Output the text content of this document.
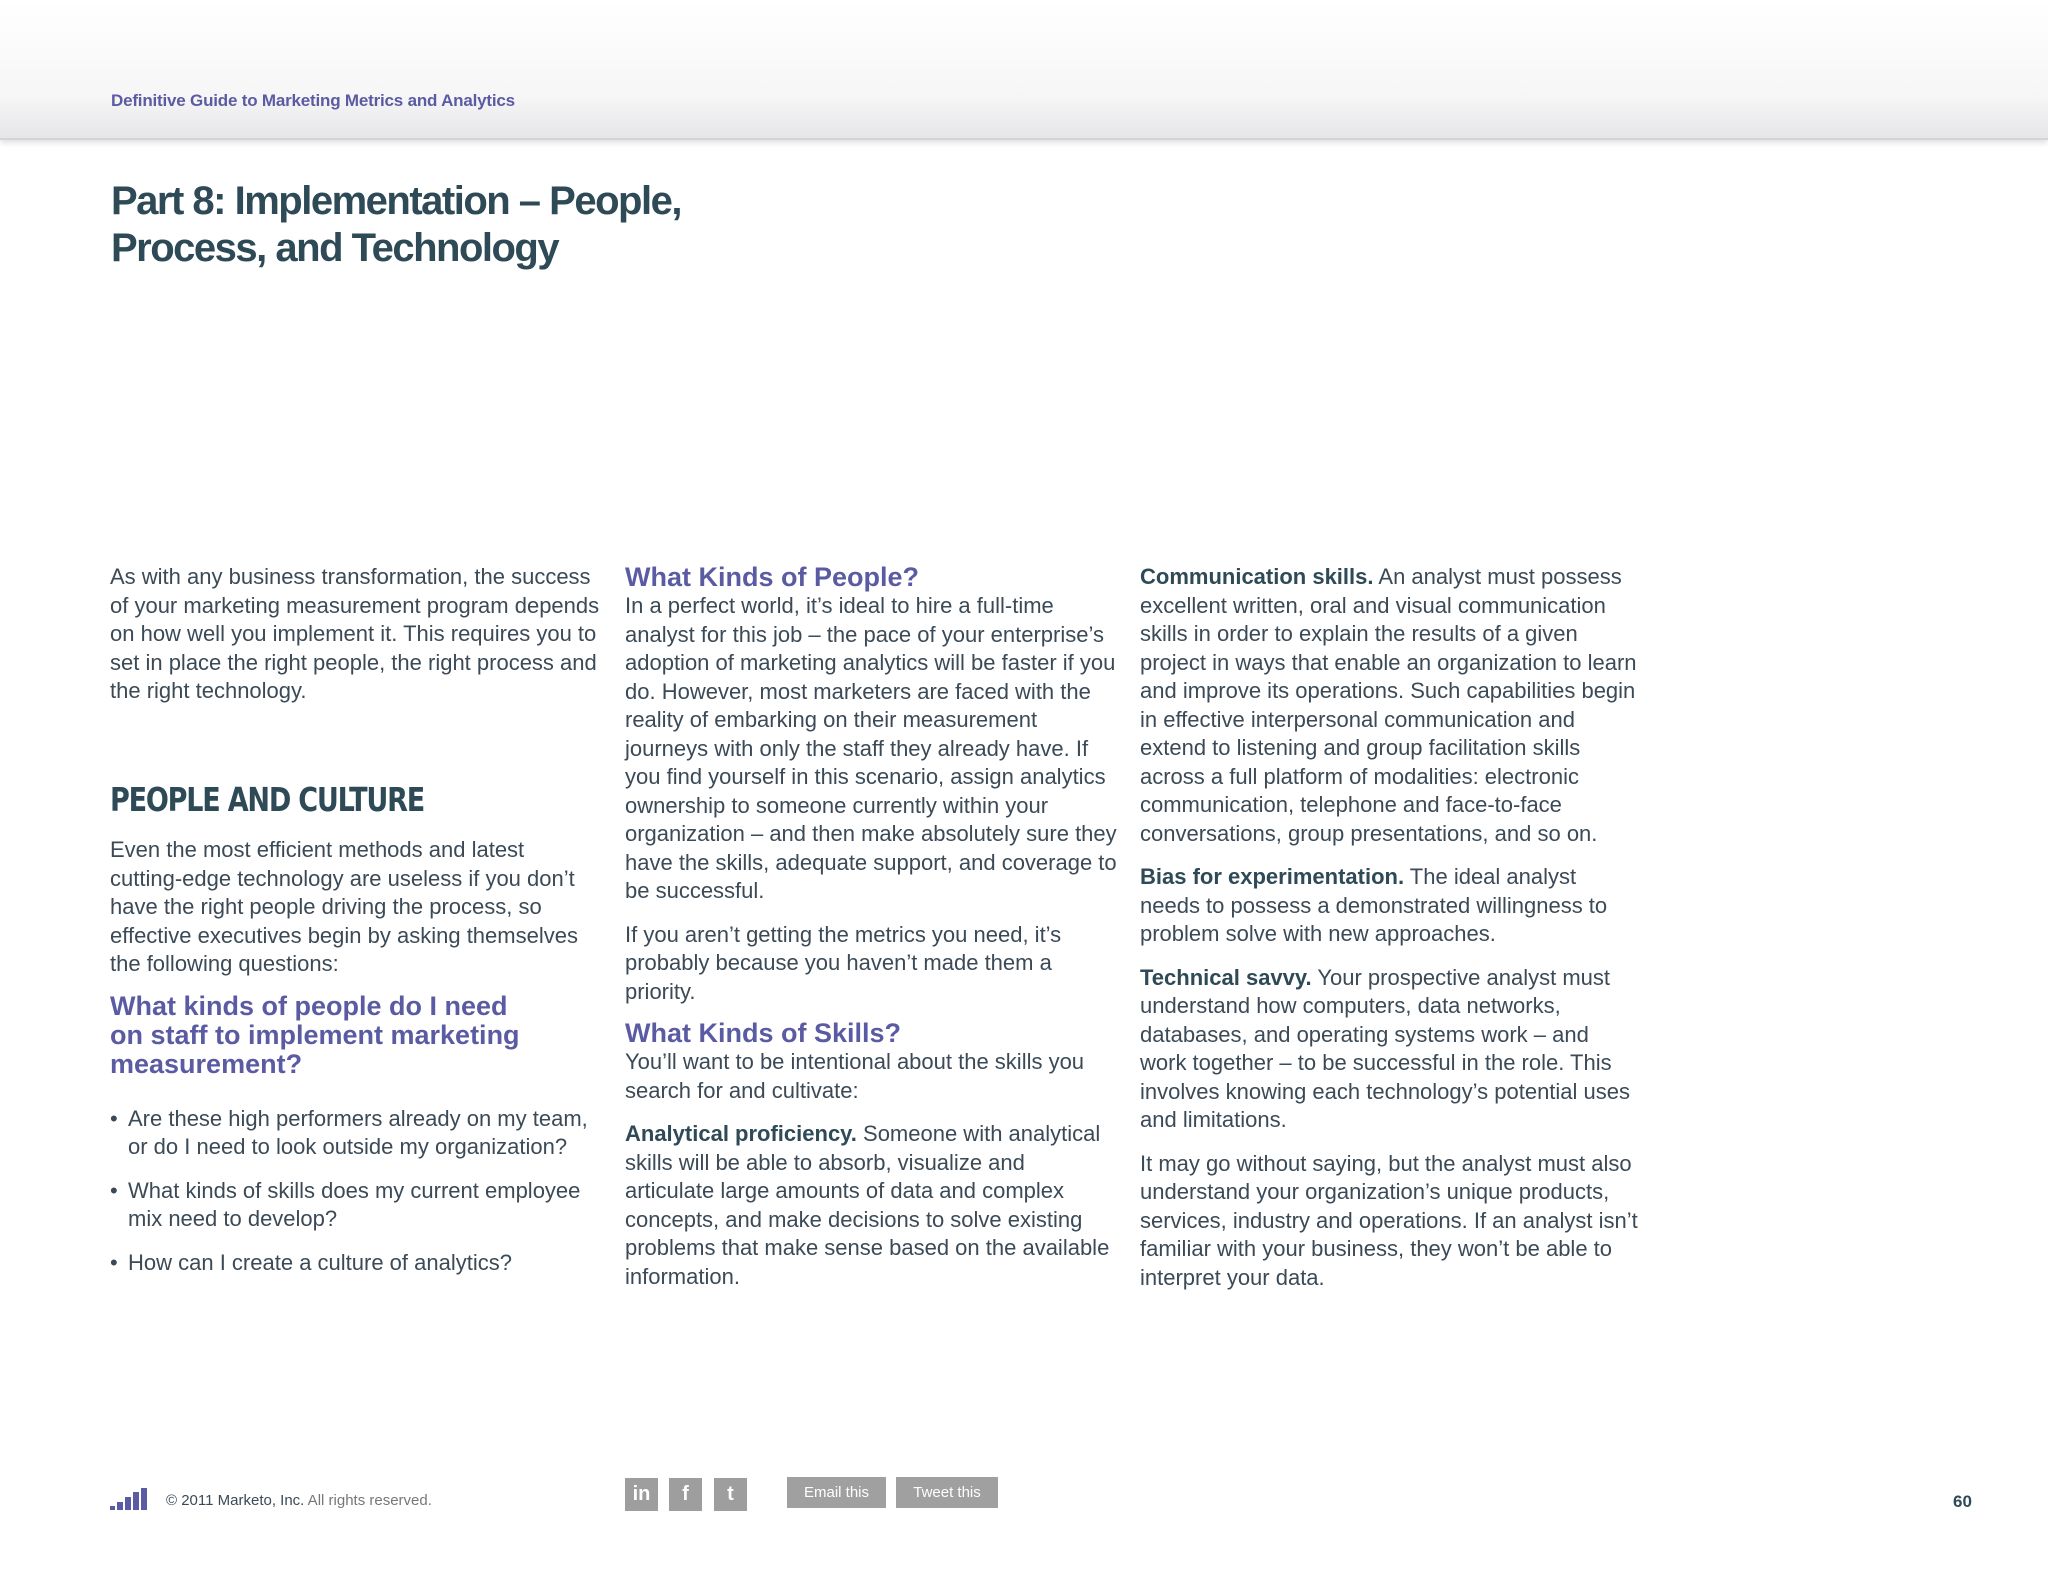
Definitive Guide to Marketing Metrics and Analytics
Part 8: Implementation – People,
Process, and Technology

As with any business transformation, the success of your marketing measurement program depends on how well you implement it. This requires you to set in place the right people, the right process and the right technology.

PEOPLE AND CULTURE

Even the most efficient methods and latest cutting-edge technology are useless if you don’t have the right people driving the process, so effective executives begin by asking themselves the following questions:

What kinds of people do I need on staff to implement marketing measurement?
• Are these high performers already on my team, or do I need to look outside my organization?
• What kinds of skills does my current employee mix need to develop?
• How can I create a culture of analytics?
What Kinds of People?

In a perfect world, it’s ideal to hire a full-time analyst for this job – the pace of your enterprise’s adoption of marketing analytics will be faster if you do. However, most marketers are faced with the reality of embarking on their measurement journeys with only the staff they already have. If you find yourself in this scenario, assign analytics ownership to someone currently within your organization – and then make absolutely sure they have the skills, adequate support, and coverage to be successful.

If you aren’t getting the metrics you need, it’s probably because you haven’t made them a priority.

What Kinds of Skills?

You’ll want to be intentional about the skills you search for and cultivate:

Analytical proficiency. Someone with analytical skills will be able to absorb, visualize and articulate large amounts of data and complex concepts, and make decisions to solve existing problems that make sense based on the available information.

Communication skills. An analyst must possess excellent written, oral and visual communication skills in order to explain the results of a given project in ways that enable an organization to learn and improve its operations. Such capabilities begin in effective interpersonal communication and extend to listening and group facilitation skills across a full platform of modalities: electronic communication, telephone and face-to-face conversations, group presentations, and so on.

Bias for experimentation. The ideal analyst needs to possess a demonstrated willingness to problem solve with new approaches.

Technical savvy. Your prospective analyst must understand how computers, data networks, databases, and operating systems work – and work together – to be successful in the role. This involves knowing each technology’s potential uses and limitations.

It may go without saying, but the analyst must also understand your organization’s unique products, services, industry and operations. If an analyst isn’t familiar with your business, they won’t be able to interpret your data.

© 2011 Marketo, Inc. All rights reserved.	in f t	Email this	Tweet this	60
